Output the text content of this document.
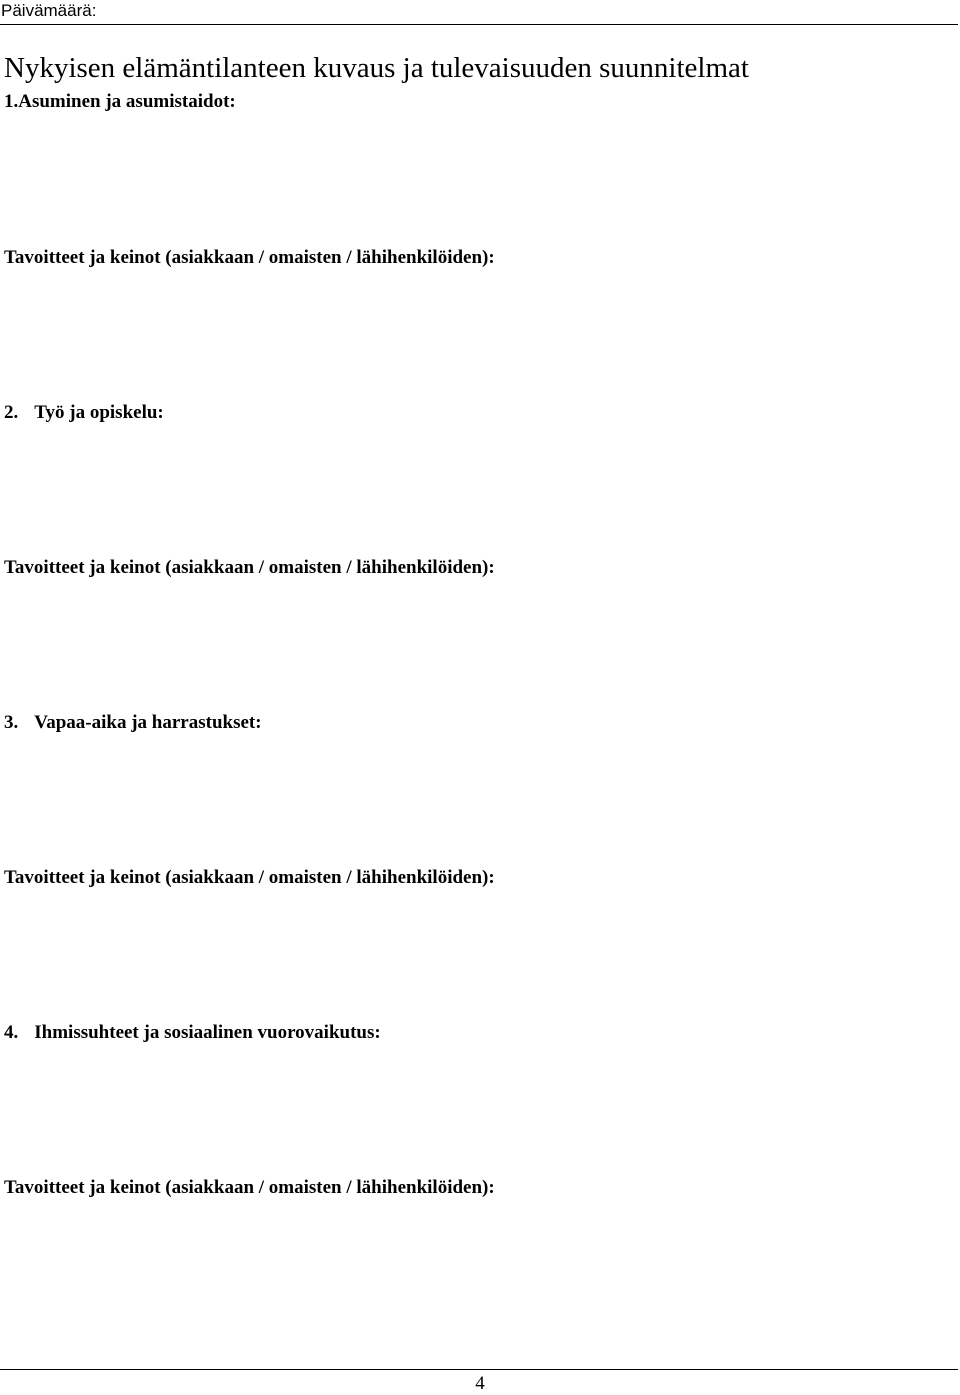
Päivämäärä:
Nykyisen elämäntilanteen kuvaus ja tulevaisuuden suunnitelmat
1.Asuminen ja asumistaidot:
Tavoitteet ja keinot (asiakkaan / omaisten / lähihenkilöiden):
2. Työ ja opiskelu:
Tavoitteet ja keinot (asiakkaan / omaisten / lähihenkilöiden):
3. Vapaa-aika ja harrastukset:
Tavoitteet ja keinot (asiakkaan / omaisten / lähihenkilöiden):
4. Ihmissuhteet ja sosiaalinen vuorovaikutus:
Tavoitteet ja keinot (asiakkaan / omaisten / lähihenkilöiden):
4
